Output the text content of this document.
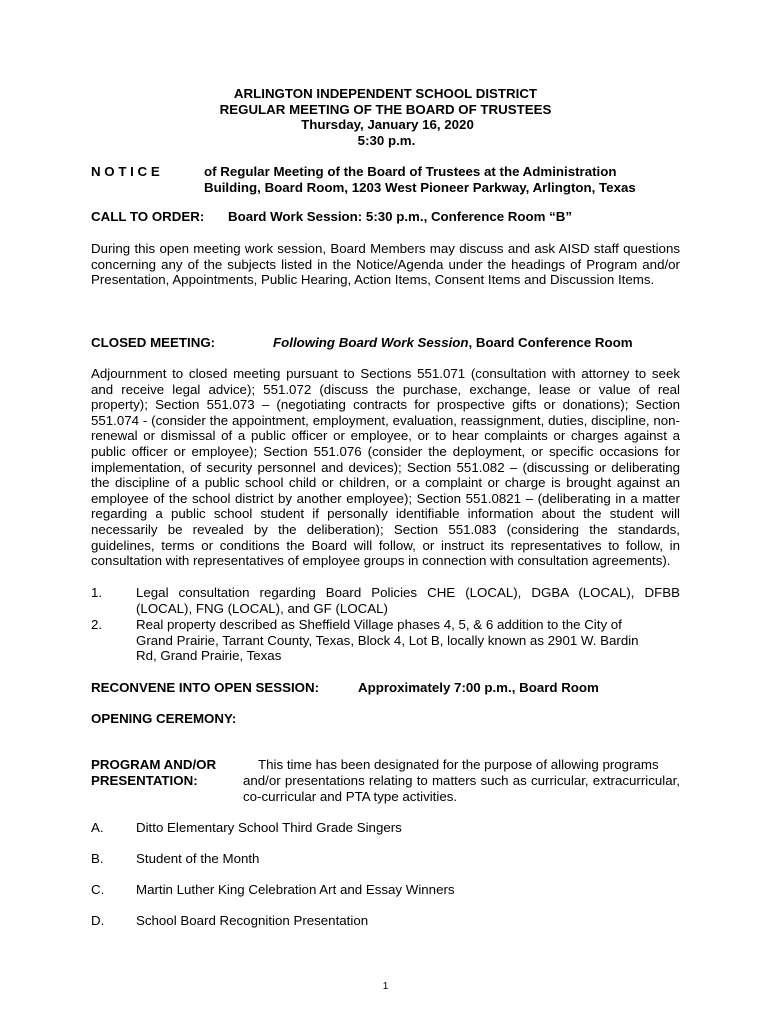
ARLINGTON INDEPENDENT SCHOOL DISTRICT
REGULAR MEETING OF THE BOARD OF TRUSTEES
Thursday, January 16, 2020
5:30 p.m.
N O T I C E	of Regular Meeting of the Board of Trustees at the Administration
Building, Board Room, 1203 West Pioneer Parkway, Arlington, Texas
CALL TO ORDER: Board Work Session: 5:30 p.m., Conference Room “B”

During this open meeting work session, Board Members may discuss and ask AISD staff questions concerning any of the subjects listed in the Notice/Agenda under the headings of Program and/or Presentation, Appointments, Public Hearing, Action Items, Consent Items and Discussion Items.

CLOSED MEETING:	Following Board Work Session, Board Conference Room

Adjournment to closed meeting pursuant to Sections 551.071 (consultation with attorney to seek and receive legal advice); 551.072 (discuss the purchase, exchange, lease or value of real property); Section 551.073 – (negotiating contracts for prospective gifts or donations); Section 551.074 - (consider the appointment, employment, evaluation, reassignment, duties, discipline, non-renewal or dismissal of a public officer or employee, or to hear complaints or charges against a public officer or employee); Section 551.076 (consider the deployment, or specific occasions for implementation, of security personnel and devices); Section 551.082 – (discussing or deliberating the discipline of a public school child or children, or a complaint or charge is brought against an employee of the school district by another employee); Section 551.0821 – (deliberating in a matter regarding a public school student if personally identifiable information about the student will necessarily be revealed by the deliberation); Section 551.083 (considering the standards, guidelines, terms or conditions the Board will follow, or instruct its representatives to follow, in consultation with representatives of employee groups in connection with consultation agreements).

1.	Legal consultation regarding Board Policies CHE (LOCAL), DGBA (LOCAL), DFBB (LOCAL), FNG (LOCAL), and GF (LOCAL)

2.	Real property described as Sheffield Village phases 4, 5, & 6 addition to the City of
Grand Prairie, Tarrant County, Texas, Block 4, Lot B, locally known as 2901 W. Bardin
Rd, Grand Prairie, Texas
RECONVENE INTO OPEN SESSION:	Approximately 7:00 p.m., Board Room
OPENING CEREMONY:
PROGRAM AND/OR
PRESENTATION:
This time has been designated for the purpose of allowing programs

and/or presentations relating to matters such as curricular, extracurricular, co-curricular and PTA type activities.

A. Ditto Elementary School Third Grade Singers
B. Student of the Month
C. Martin Luther King Celebration Art and Essay Winners
D. School Board Recognition Presentation
1
